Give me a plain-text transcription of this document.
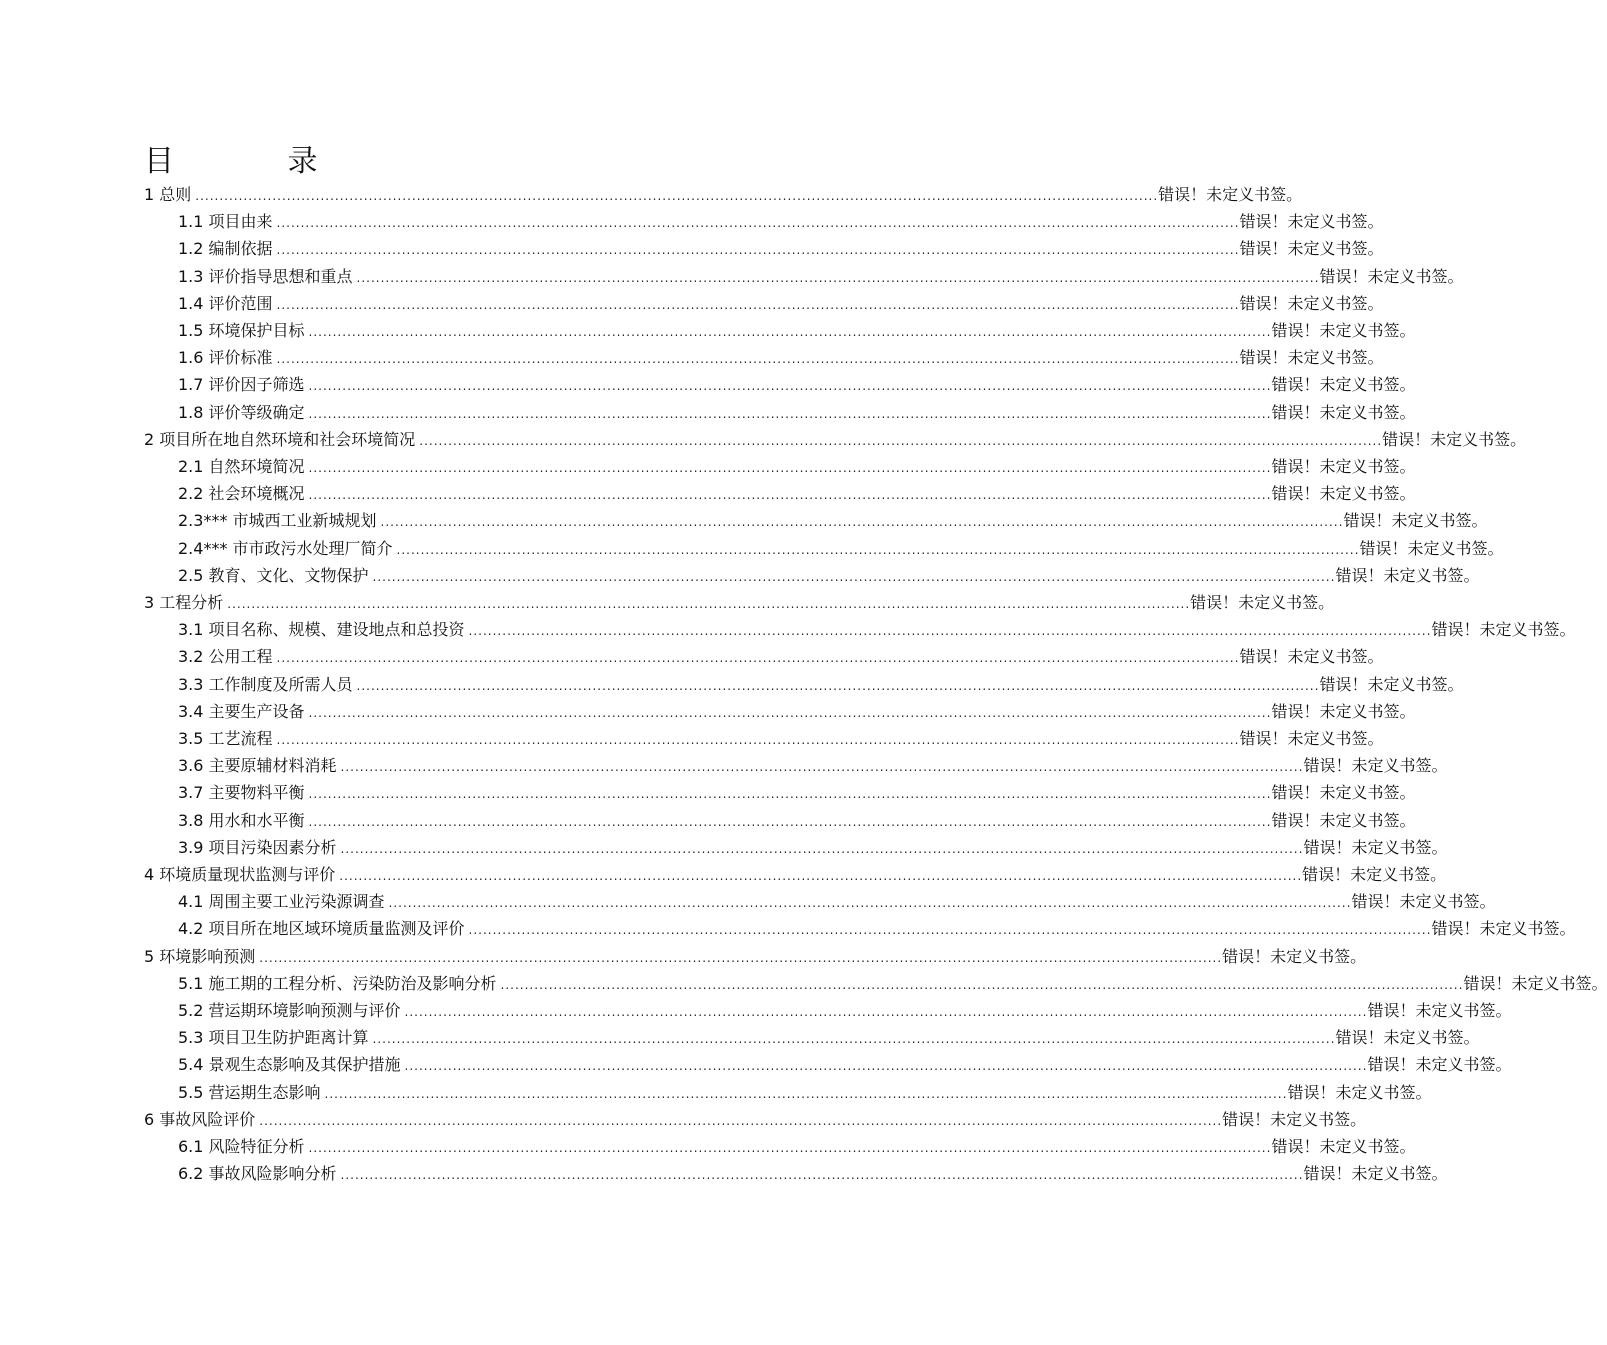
目 录
1 总则 ........................................................................................................................................................................................................ 错误！未定义书签。
1.1 项目由来 ........................................................................................................................................................................................................ 错误！未定义书签。
1.2 编制依据 ........................................................................................................................................................................................................ 错误！未定义书签。
1.3 评价指导思想和重点 ........................................................................................................................................................................................................ 错误！未定义书签。
1.4 评价范围 ........................................................................................................................................................................................................ 错误！未定义书签。
1.5 环境保护目标 ........................................................................................................................................................................................................ 错误！未定义书签。
1.6 评价标准 ........................................................................................................................................................................................................ 错误！未定义书签。
1.7 评价因子筛选 ........................................................................................................................................................................................................ 错误！未定义书签。
1.8 评价等级确定 ........................................................................................................................................................................................................ 错误！未定义书签。
2 项目所在地自然环境和社会环境简况 ........................................................................................................................................................................................................ 错误！未定义书签。
2.1 自然环境简况 ........................................................................................................................................................................................................ 错误！未定义书签。
2.2 社会环境概况 ........................................................................................................................................................................................................ 错误！未定义书签。
2.3*** 市城西工业新城规划 ........................................................................................................................................................................................................ 错误！未定义书签。
2.4*** 市市政污水处理厂简介 ........................................................................................................................................................................................................ 错误！未定义书签。
2.5 教育、文化、文物保护 ........................................................................................................................................................................................................ 错误！未定义书签。
3 工程分析 ........................................................................................................................................................................................................ 错误！未定义书签。
3.1 项目名称、规模、建设地点和总投资 ........................................................................................................................................................................................................ 错误！未定义书签。
3.2 公用工程 ........................................................................................................................................................................................................ 错误！未定义书签。
3.3 工作制度及所需人员 ........................................................................................................................................................................................................ 错误！未定义书签。
3.4 主要生产设备 ........................................................................................................................................................................................................ 错误！未定义书签。
3.5 工艺流程 ........................................................................................................................................................................................................ 错误！未定义书签。
3.6 主要原辅材料消耗 ........................................................................................................................................................................................................ 错误！未定义书签。
3.7 主要物料平衡 ........................................................................................................................................................................................................ 错误！未定义书签。
3.8 用水和水平衡 ........................................................................................................................................................................................................ 错误！未定义书签。
3.9 项目污染因素分析 ........................................................................................................................................................................................................ 错误！未定义书签。
4 环境质量现状监测与评价 ........................................................................................................................................................................................................ 错误！未定义书签。
4.1 周围主要工业污染源调查 ........................................................................................................................................................................................................ 错误！未定义书签。
4.2 项目所在地区域环境质量监测及评价 ........................................................................................................................................................................................................ 错误！未定义书签。
5 环境影响预测 ........................................................................................................................................................................................................ 错误！未定义书签。
5.1 施工期的工程分析、污染防治及影响分析 ........................................................................................................................................................................................................ 错误！未定义书签。
5.2 营运期环境影响预测与评价 ........................................................................................................................................................................................................ 错误！未定义书签。
5.3 项目卫生防护距离计算 ........................................................................................................................................................................................................ 错误！未定义书签。
5.4 景观生态影响及其保护措施 ........................................................................................................................................................................................................ 错误！未定义书签。
5.5 营运期生态影响 ........................................................................................................................................................................................................ 错误！未定义书签。
6 事故风险评价 ........................................................................................................................................................................................................ 错误！未定义书签。
6.1 风险特征分析 ........................................................................................................................................................................................................ 错误！未定义书签。
6.2 事故风险影响分析 ........................................................................................................................................................................................................ 错误！未定义书签。
